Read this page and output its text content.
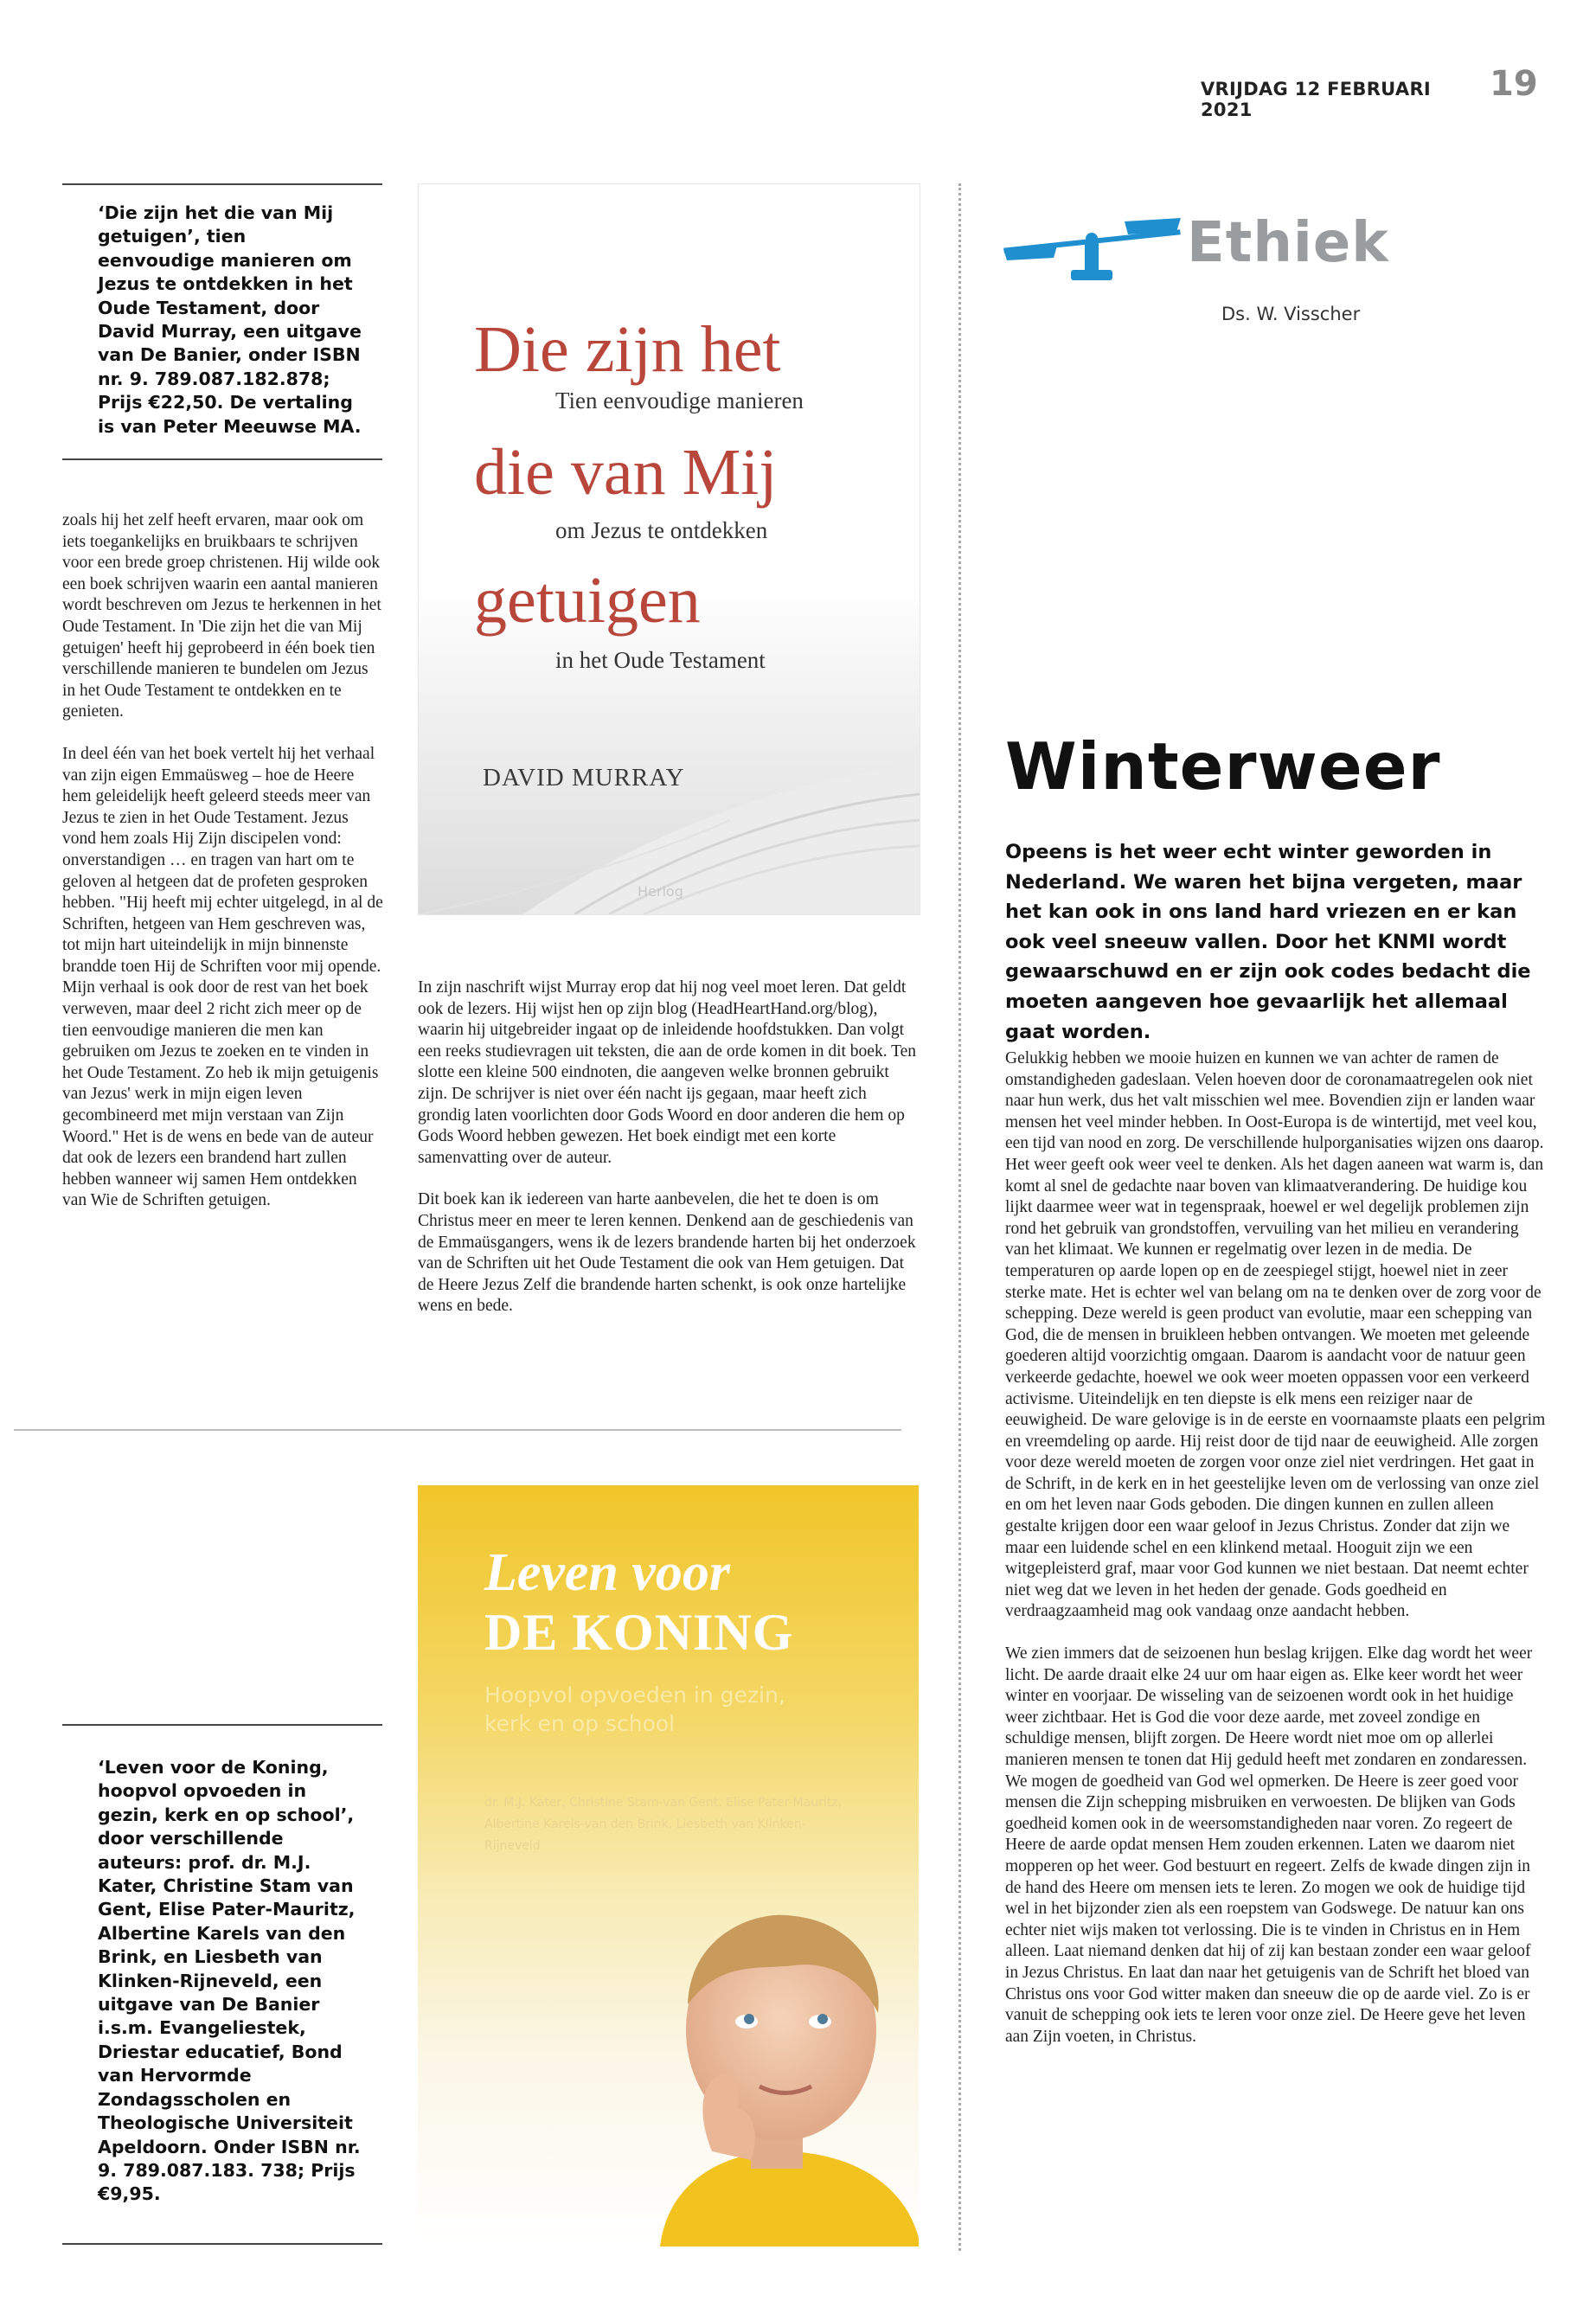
VRIJDAG 12 FEBRUARI 2021
19
‘Die zijn het die van Mij getuigen’, tien eenvoudige manieren om Jezus te ontdekken in het Oude Testament, door David Murray, een uitgave van De Banier, onder ISBN nr. 9. 789.087.182.878; Prijs €22,50. De vertaling is van Peter Meeuwse MA.

zoals hij het zelf heeft ervaren, maar ook om iets toegankelijks en bruikbaars te schrijven voor een brede groep christenen. Hij wilde ook een boek schrijven waarin een aantal manieren wordt beschreven om Jezus te herkennen in het Oude Testament. In 'Die zijn het die van Mij getuigen' heeft hij geprobeerd in één boek tien verschillende manieren te bundelen om Jezus in het Oude Testament te ontdekken en te genieten.

In deel één van het boek vertelt hij het verhaal van zijn eigen Emmaüsweg – hoe de Heere hem geleidelijk heeft geleerd steeds meer van Jezus te zien in het Oude Testament. Jezus vond hem zoals Hij Zijn discipelen vond: onverstandigen … en tragen van hart om te geloven al hetgeen dat de profeten gesproken hebben. "Hij heeft mij echter uitgelegd, in al de Schriften, hetgeen van Hem geschreven was, tot mijn hart uiteindelijk in mijn binnenste brandde toen Hij de Schriften voor mij opende. Mijn verhaal is ook door de rest van het boek verweven, maar deel 2 richt zich meer op de tien eenvoudige manieren die men kan gebruiken om Jezus te zoeken en te vinden in het Oude Testament. Zo heb ik mijn getuigenis van Jezus' werk in mijn eigen leven gecombineerd met mijn verstaan van Zijn Woord." Het is de wens en bede van de auteur dat ook de lezers een brandend hart zullen hebben wanneer wij samen Hem ontdekken van Wie de Schriften getuigen.

Die zijn het
Tien eenvoudige manieren
die van Mij
om Jezus te ontdekken
getuigen
in het Oude Testament
DAVID MURRAY
Herlog

In zijn naschrift wijst Murray erop dat hij nog veel moet leren. Dat geldt ook de lezers. Hij wijst hen op zijn blog (HeadHeartHand.org/blog), waarin hij uitgebreider ingaat op de inleidende hoofdstukken. Dan volgt een reeks studievragen uit teksten, die aan de orde komen in dit boek. Ten slotte een kleine 500 eindnoten, die aangeven welke bronnen gebruikt zijn. De schrijver is niet over één nacht ijs gegaan, maar heeft zich grondig laten voorlichten door Gods Woord en door anderen die hem op Gods Woord hebben gewezen. Het boek eindigt met een korte samenvatting over de auteur.

Dit boek kan ik iedereen van harte aanbevelen, die het te doen is om Christus meer en meer te leren kennen. Denkend aan de geschiedenis van de Emmaüsgangers, wens ik de lezers brandende harten bij het onderzoek van de Schriften uit het Oude Testament die ook van Hem getuigen. Dat de Heere Jezus Zelf die brandende harten schenkt, is ook onze hartelijke wens en bede.

‘Leven voor de Koning, hoopvol opvoeden in gezin, kerk en op school’, door verschillende auteurs: prof. dr. M.J. Kater, Christine Stam van Gent, Elise Pater-Mauritz, Albertine Karels van den Brink, en Liesbeth van Klinken-Rijneveld, een uitgave van De Banier i.s.m. Evangeliestek, Driestar educatief, Bond van Hervormde Zondagsscholen en Theologische Universiteit Apeldoorn. Onder ISBN nr. 9. 789.087.183. 738; Prijs €9,95.
Leven voor
DE KONING
Hoopvol opvoeden in gezin, kerk en op school
dr. M.J. Kater, Christine Stam-van Gent, Elise Pater-Mauritz, Albertine Karels-van den Brink, Liesbeth van Klinken-Rijneveld
Ethiek
Ds. W. Visscher
Winterweer
Opeens is het weer echt winter geworden in Nederland. We waren het bijna vergeten, maar het kan ook in ons land hard vriezen en er kan ook veel sneeuw vallen. Door het KNMI wordt gewaarschuwd en er zijn ook codes bedacht die moeten aangeven hoe gevaarlijk het allemaal gaat worden.

Gelukkig hebben we mooie huizen en kunnen we van achter de ramen de omstandigheden gadeslaan. Velen hoeven door de coronamaatregelen ook niet naar hun werk, dus het valt misschien wel mee. Bovendien zijn er landen waar mensen het veel minder hebben. In Oost-Europa is de wintertijd, met veel kou, een tijd van nood en zorg. De verschillende hulporganisaties wijzen ons daarop. Het weer geeft ook weer veel te denken. Als het dagen aaneen wat warm is, dan komt al snel de gedachte naar boven van klimaatverandering. De huidige kou lijkt daarmee weer wat in tegenspraak, hoewel er wel degelijk problemen zijn rond het gebruik van grondstoffen, vervuiling van het milieu en verandering van het klimaat. We kunnen er regelmatig over lezen in de media. De temperaturen op aarde lopen op en de zeespiegel stijgt, hoewel niet in zeer sterke mate. Het is echter wel van belang om na te denken over de zorg voor de schepping. Deze wereld is geen product van evolutie, maar een schepping van God, die de mensen in bruikleen hebben ontvangen. We moeten met geleende goederen altijd voorzichtig omgaan. Daarom is aandacht voor de natuur geen verkeerde gedachte, hoewel we ook weer moeten oppassen voor een verkeerd activisme. Uiteindelijk en ten diepste is elk mens een reiziger naar de eeuwigheid. De ware gelovige is in de eerste en voornaamste plaats een pelgrim en vreemdeling op aarde. Hij reist door de tijd naar de eeuwigheid. Alle zorgen voor deze wereld moeten de zorgen voor onze ziel niet verdringen. Het gaat in de Schrift, in de kerk en in het geestelijke leven om de verlossing van onze ziel en om het leven naar Gods geboden. Die dingen kunnen en zullen alleen gestalte krijgen door een waar geloof in Jezus Christus. Zonder dat zijn we maar een luidende schel en een klinkend metaal. Hooguit zijn we een witgepleisterd graf, maar voor God kunnen we niet bestaan. Dat neemt echter niet weg dat we leven in het heden der genade. Gods goedheid en verdraagzaamheid mag ook vandaag onze aandacht hebben.

We zien immers dat de seizoenen hun beslag krijgen. Elke dag wordt het weer licht. De aarde draait elke 24 uur om haar eigen as. Elke keer wordt het weer winter en voorjaar. De wisseling van de seizoenen wordt ook in het huidige weer zichtbaar. Het is God die voor deze aarde, met zoveel zondige en schuldige mensen, blijft zorgen. De Heere wordt niet moe om op allerlei manieren mensen te tonen dat Hij geduld heeft met zondaren en zondaressen. We mogen de goedheid van God wel opmerken. De Heere is zeer goed voor mensen die Zijn schepping misbruiken en verwoesten. De blijken van Gods goedheid komen ook in de weersomstandigheden naar voren. Zo regeert de Heere de aarde opdat mensen Hem zouden erkennen. Laten we daarom niet mopperen op het weer. God bestuurt en regeert. Zelfs de kwade dingen zijn in de hand des Heere om mensen iets te leren. Zo mogen we ook de huidige tijd wel in het bijzonder zien als een roepstem van Godswege. De natuur kan ons echter niet wijs maken tot verlossing. Die is te vinden in Christus en in Hem alleen. Laat niemand denken dat hij of zij kan bestaan zonder een waar geloof in Jezus Christus. En laat dan naar het getuigenis van de Schrift het bloed van Christus ons voor God witter maken dan sneeuw die op de aarde viel. Zo is er vanuit de schepping ook iets te leren voor onze ziel. De Heere geve het leven aan Zijn voeten, in Christus.
